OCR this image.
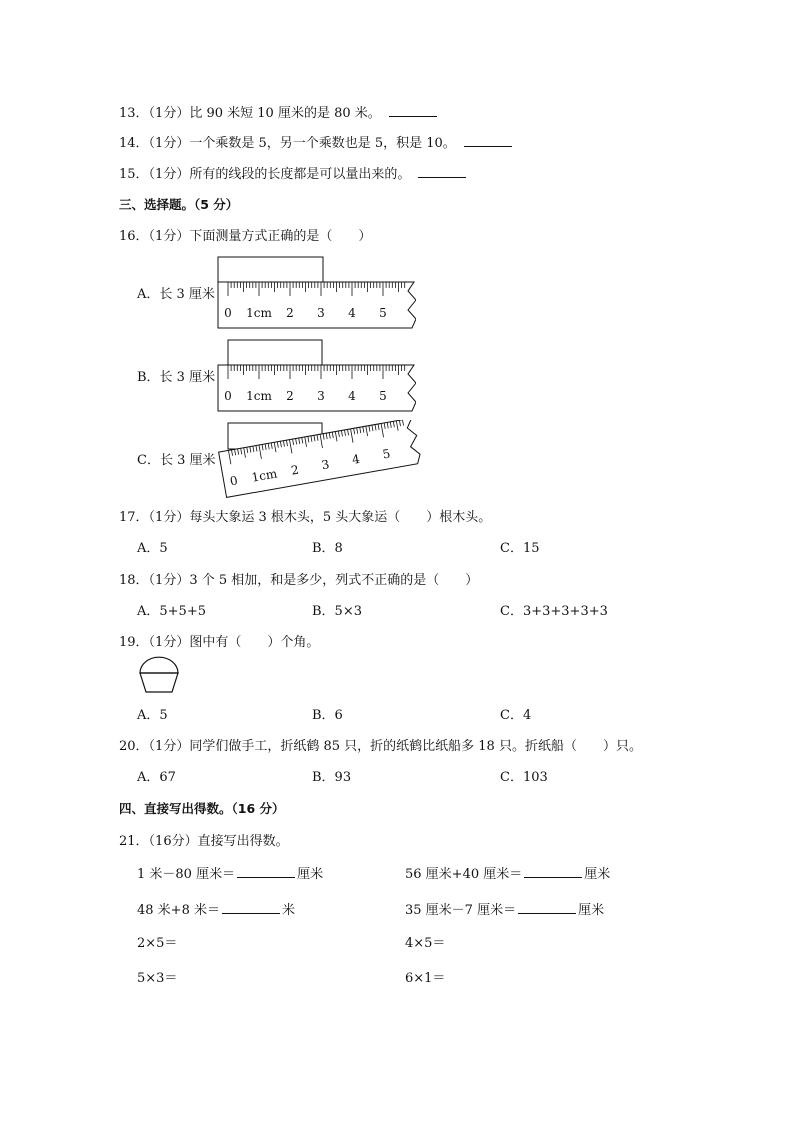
13．（1分）比 90 米短 10 厘米的是 80 米。
14．（1分）一个乘数是 5，另一个乘数也是 5，积是 10。
15．（1分）所有的线段的长度都是可以量出来的。
三、选择题。（5 分）
16．（1分）下面测量方式正确的是（　　）
A．长 3 厘米
0 1cm 2 3 4 5
B．长 3 厘米
0 1cm 2 3 4 5
C．长 3 厘米
0 1cm 2 3 4 5
17．（1分）每头大象运 3 根木头，5 头大象运（　　）根木头。
A．5	B．8	C．15
18．（1分）3 个 5 相加，和是多少，列式不正确的是（　　）
A．5+5+5	B．5×3	C．3+3+3+3+3
19．（1分）图中有（　　）个角。
A．5	B．6	C．4
20．（1分）同学们做手工，折纸鹤 85 只，折的纸鹤比纸船多 18 只。折纸船（　　）只。
A．67	B．93	C．103
四、直接写出得数。（16 分）
21．（16分）直接写出得数。
1 米－80 厘米＝	厘米	56 厘米+40 厘米＝	厘米
48 米+8 米＝	米	35 厘米－7 厘米＝	厘米
2×5＝	4×5＝
5×3＝	6×1＝
